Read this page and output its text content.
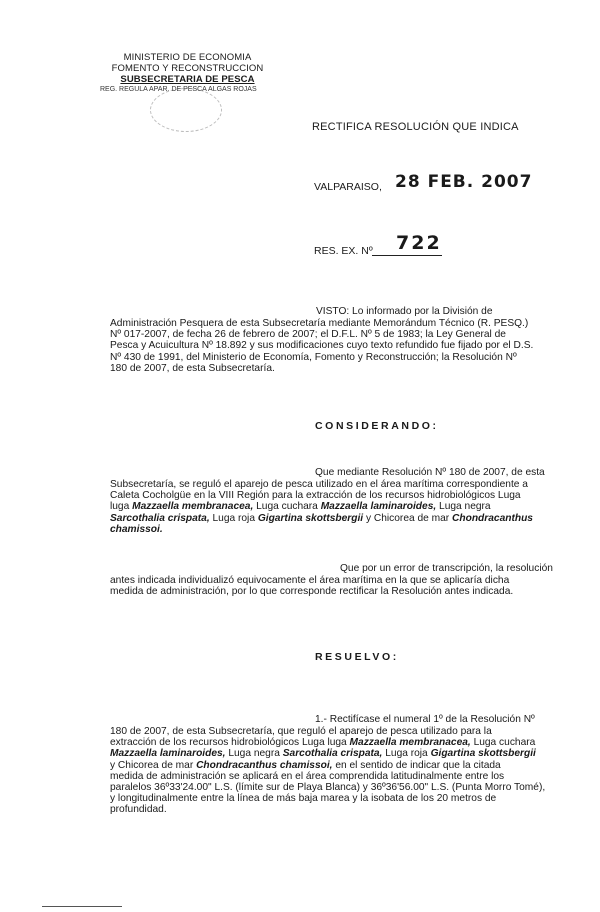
MINISTERIO DE ECONOMIA
FOMENTO Y RECONSTRUCCION
SUBSECRETARIA DE PESCA
REG. REGULA APAR. DE PESCA ALGAS ROJAS
RECTIFICA RESOLUCIÓN QUE INDICA
VALPARAISO, 28 FEB. 2007
RES. EX. Nº 722
VISTO: Lo informado por la División de
Administración Pesquera de esta Subsecretaría mediante Memorándum Técnico (R. PESQ.)
Nº 017-2007, de fecha 26 de febrero de 2007; el D.F.L. Nº 5 de 1983; la Ley General de
Pesca y Acuicultura Nº 18.892 y sus modificaciones cuyo texto refundido fue fijado por el D.S.
Nº 430 de 1991, del Ministerio de Economía, Fomento y Reconstrucción; la Resolución Nº
180 de 2007, de esta Subsecretaría.
CONSIDERANDO:
Que mediante Resolución Nº 180 de 2007, de esta
Subsecretaría, se reguló el aparejo de pesca utilizado en el área marítima correspondiente a
Caleta Cocholgüe en la VIII Región para la extracción de los recursos hidrobiológicos Luga
luga Mazzaella membranacea, Luga cuchara Mazzaella laminaroides, Luga negra
Sarcothalia crispata, Luga roja Gigartina skottsbergii y Chicorea de mar Chondracanthus
chamissoi.
Que por un error de transcripción, la resolución
antes indicada individualizó equivocamente el área marítima en la que se aplicaría dicha
medida de administración, por lo que corresponde rectificar la Resolución antes indicada.
RESUELVO:
1.- Rectifícase el numeral 1º de la Resolución Nº
180 de 2007, de esta Subsecretaría, que reguló el aparejo de pesca utilizado para la
extracción de los recursos hidrobiológicos Luga luga Mazzaella membranacea, Luga cuchara
Mazzaella laminaroides, Luga negra Sarcothalia crispata, Luga roja Gigartina skottsbergii
y Chicorea de mar Chondracanthus chamissoi, en el sentido de indicar que la citada
medida de administración se aplicará en el área comprendida latitudinalmente entre los
paralelos 36º33'24.00" L.S. (límite sur de Playa Blanca) y 36º36'56.00" L.S. (Punta Morro Tomé),
y longitudinalmente entre la línea de más baja marea y la isobata de los 20 metros de
profundidad.
